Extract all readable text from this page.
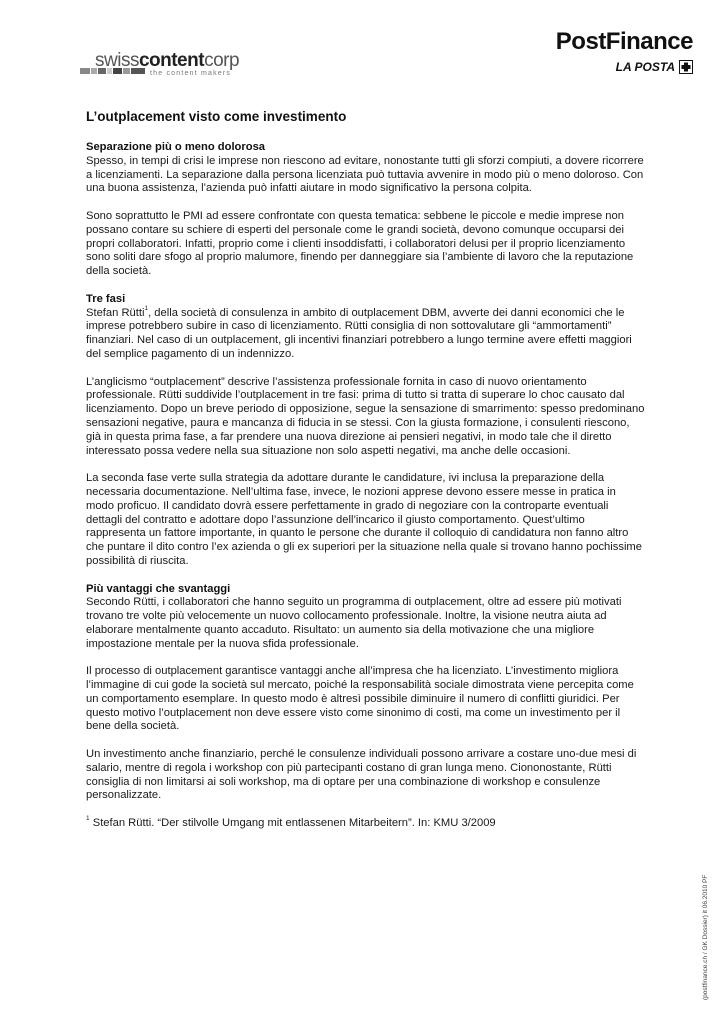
swisscontentcorp
the content makers
PostFinance
LA POSTA
L’outplacement visto come investimento
Separazione più o meno dolorosa

Spesso, in tempi di crisi le imprese non riescono ad evitare, nonostante tutti gli sforzi compiuti, a dovere ricorrere a licenziamenti. La separazione dalla persona licenziata può tuttavia avvenire in modo più o meno doloroso. Con una buona assistenza, l’azienda può infatti aiutare in modo significativo la persona colpita.

Sono soprattutto le PMI ad essere confrontate con questa tematica: sebbene le piccole e medie imprese non possano contare su schiere di esperti del personale come le grandi società, devono comunque occuparsi dei propri collaboratori. Infatti, proprio come i clienti insoddisfatti, i collaboratori delusi per il proprio licenziamento sono soliti dare sfogo al proprio malumore, finendo per danneggiare sia l’ambiente di lavoro che la reputazione della società.

Tre fasi

Stefan Rütti$^1$, della società di consulenza in ambito di outplacement DBM, avverte dei danni economici che le imprese potrebbero subire in caso di licenziamento. Rütti consiglia di non sottovalutare gli “ammortamenti” finanziari. Nel caso di un outplacement, gli incentivi finanziari potrebbero a lungo termine avere effetti maggiori del semplice pagamento di un indennizzo.

L’anglicismo “outplacement” descrive l’assistenza professionale fornita in caso di nuovo orientamento professionale. Rütti suddivide l’outplacement in tre fasi: prima di tutto si tratta di superare lo choc causato dal licenziamento. Dopo un breve periodo di opposizione, segue la sensazione di smarrimento: spesso predominano sensazioni negative, paura e mancanza di fiducia in se stessi. Con la giusta formazione, i consulenti riescono, già in questa prima fase, a far prendere una nuova direzione ai pensieri negativi, in modo tale che il diretto interessato possa vedere nella sua situazione non solo aspetti negativi, ma anche delle occasioni.

La seconda fase verte sulla strategia da adottare durante le candidature, ivi inclusa la preparazione della necessaria documentazione. Nell’ultima fase, invece, le nozioni apprese devono essere messe in pratica in modo proficuo. Il candidato dovrà essere perfettamente in grado di negoziare con la controparte eventuali dettagli del contratto e adottare dopo l’assunzione dell’incarico il giusto comportamento. Quest’ultimo rappresenta un fattore importante, in quanto le persone che durante il colloquio di candidatura non fanno altro che puntare il dito contro l’ex azienda o gli ex superiori per la situazione nella quale si trovano hanno pochissime possibilità di riuscita.

Più vantaggi che svantaggi

Secondo Rütti, i collaboratori che hanno seguito un programma di outplacement, oltre ad essere più motivati trovano tre volte più velocemente un nuovo collocamento professionale. Inoltre, la visione neutra aiuta ad elaborare mentalmente quanto accaduto. Risultato: un aumento sia della motivazione che una migliore impostazione mentale per la nuova sfida professionale.

Il processo di outplacement garantisce vantaggi anche all’impresa che ha licenziato. L’investimento migliora l’immagine di cui gode la società sul mercato, poiché la responsabilità sociale dimostrata viene percepita come un comportamento esemplare. In questo modo è altresì possibile diminuire il numero di conflitti giuridici. Per questo motivo l’outplacement non deve essere visto come sinonimo di costi, ma come un investimento per il bene della società.

Un investimento anche finanziario, perché le consulenze individuali possono arrivare a costare uno-due mesi di salario, mentre di regola i workshop con più partecipanti costano di gran lunga meno. Ciononostante, Rütti consiglia di non limitarsi ai soli workshop, ma di optare per una combinazione di workshop e consulenze personalizzate.

$^1$ Stefan Rütti. “Der stilvolle Umgang mit entlassenen Mitarbeitern”. In: KMU 3/2009
(postfinance.ch / GK Dossier) it 06.2010 PF
